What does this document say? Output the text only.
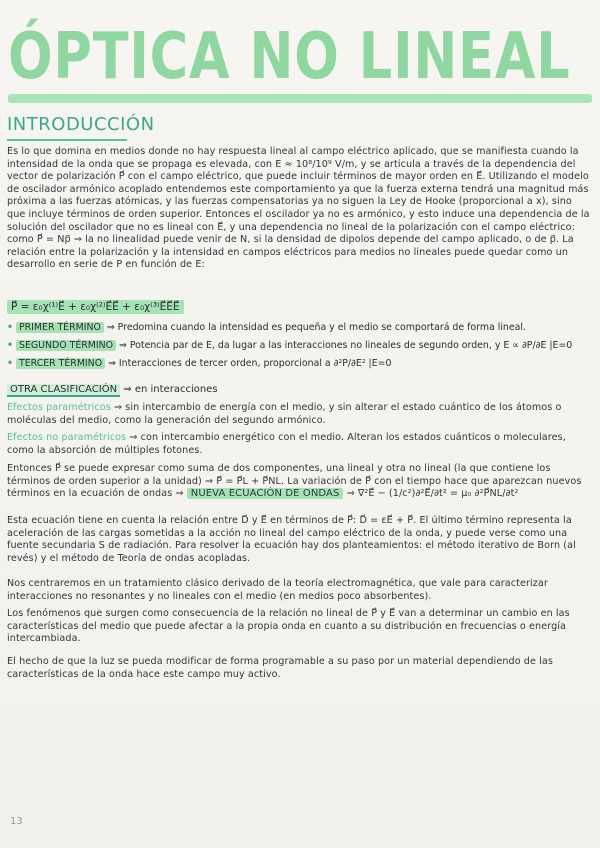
ÓPTICA NO LINEAL
INTRODUCCIÓN
Es lo que domina en medios donde no hay respuesta lineal al campo eléctrico aplicado, que se manifiesta cuando la intensidad de la onda que se propaga es elevada, con E ≈ 10⁸/10⁹ V/m, y se articula a través de la dependencia del vector de polarización P⃗ con el campo eléctrico, que puede incluir términos de mayor orden en E⃗. Utilizando el modelo de oscilador armónico acoplado entendemos este comportamiento ya que la fuerza externa tendrá una magnitud más próxima a las fuerzas atómicas, y las fuerzas compensatorias ya no siguen la Ley de Hooke (proporcional a x), sino que incluye términos de orden superior. Entonces el oscilador ya no es armónico, y esto induce una dependencia de la solución del oscilador que no es lineal con E⃗, y una dependencia no lineal de la polarización con el campo eléctrico: como P⃗ = Np⃗ ⇒ la no linealidad puede venir de N, si la densidad de dipolos depende del campo aplicado, o de p⃗. La relación entre la polarización y la intensidad en campos eléctricos para medios no lineales puede quedar como un desarrollo en serie de P en función de E:
P⃗ = ε₀χ⁽¹⁾E⃗ + ε₀χ⁽²⁾E⃗E⃗ + ε₀χ⁽³⁾E⃗E⃗E⃗
• PRIMER TÉRMINO ⇒ Predomina cuando la intensidad es pequeña y el medio se comportará de forma lineal.
• SEGUNDO TÉRMINO ⇒ Potencia par de E, da lugar a las interacciones no lineales de segundo orden, y E ∝ ∂P/∂E |E=0
• TERCER TÉRMINO ⇒ Interacciones de tercer orden, proporcional a ∂²P/∂E² |E=0
OTRA CLASIFICACIÓN ⇒ en interacciones
Efectos paramétricos ⇒ sin intercambio de energía con el medio, y sin alterar el estado cuántico de los átomos o moléculas del medio, como la generación del segundo armónico.
Efectos no paramétricos ⇒ con intercambio energético con el medio. Alteran los estados cuánticos o moleculares, como la absorción de múltiples fotones.
Entonces P⃗ se puede expresar como suma de dos componentes, una lineal y otra no lineal (la que contiene los términos de orden superior a la unidad) ⇒ P⃗ = P⃗L + P⃗NL. La variación de P⃗ con el tiempo hace que aparezcan nuevos términos en la ecuación de ondas ⇒ NUEVA ECUACIÓN DE ONDAS ⇒ ∇²E⃗ − (1/c²)∂²E⃗/∂t² = μ₀ ∂²P⃗NL/∂t²
Esta ecuación tiene en cuenta la relación entre D⃗ y E⃗ en términos de P⃗: D⃗ = εE⃗ + P⃗. El último término representa la aceleración de las cargas sometidas a la acción no lineal del campo eléctrico de la onda, y puede verse como una fuente secundaria S de radiación. Para resolver la ecuación hay dos planteamientos: el método iterativo de Born (al revés) y el método de Teoría de ondas acopladas.
Nos centraremos en un tratamiento clásico derivado de la teoría electromagnética, que vale para caracterizar interacciones no resonantes y no lineales con el medio (en medios poco absorbentes).
Los fenómenos que surgen como consecuencia de la relación no lineal de P⃗ y E⃗ van a determinar un cambio en las características del medio que puede afectar a la propia onda en cuanto a su distribución en frecuencias o energía intercambiada.
El hecho de que la luz se pueda modificar de forma programable a su paso por un material dependiendo de las características de la onda hace este campo muy activo.
13
